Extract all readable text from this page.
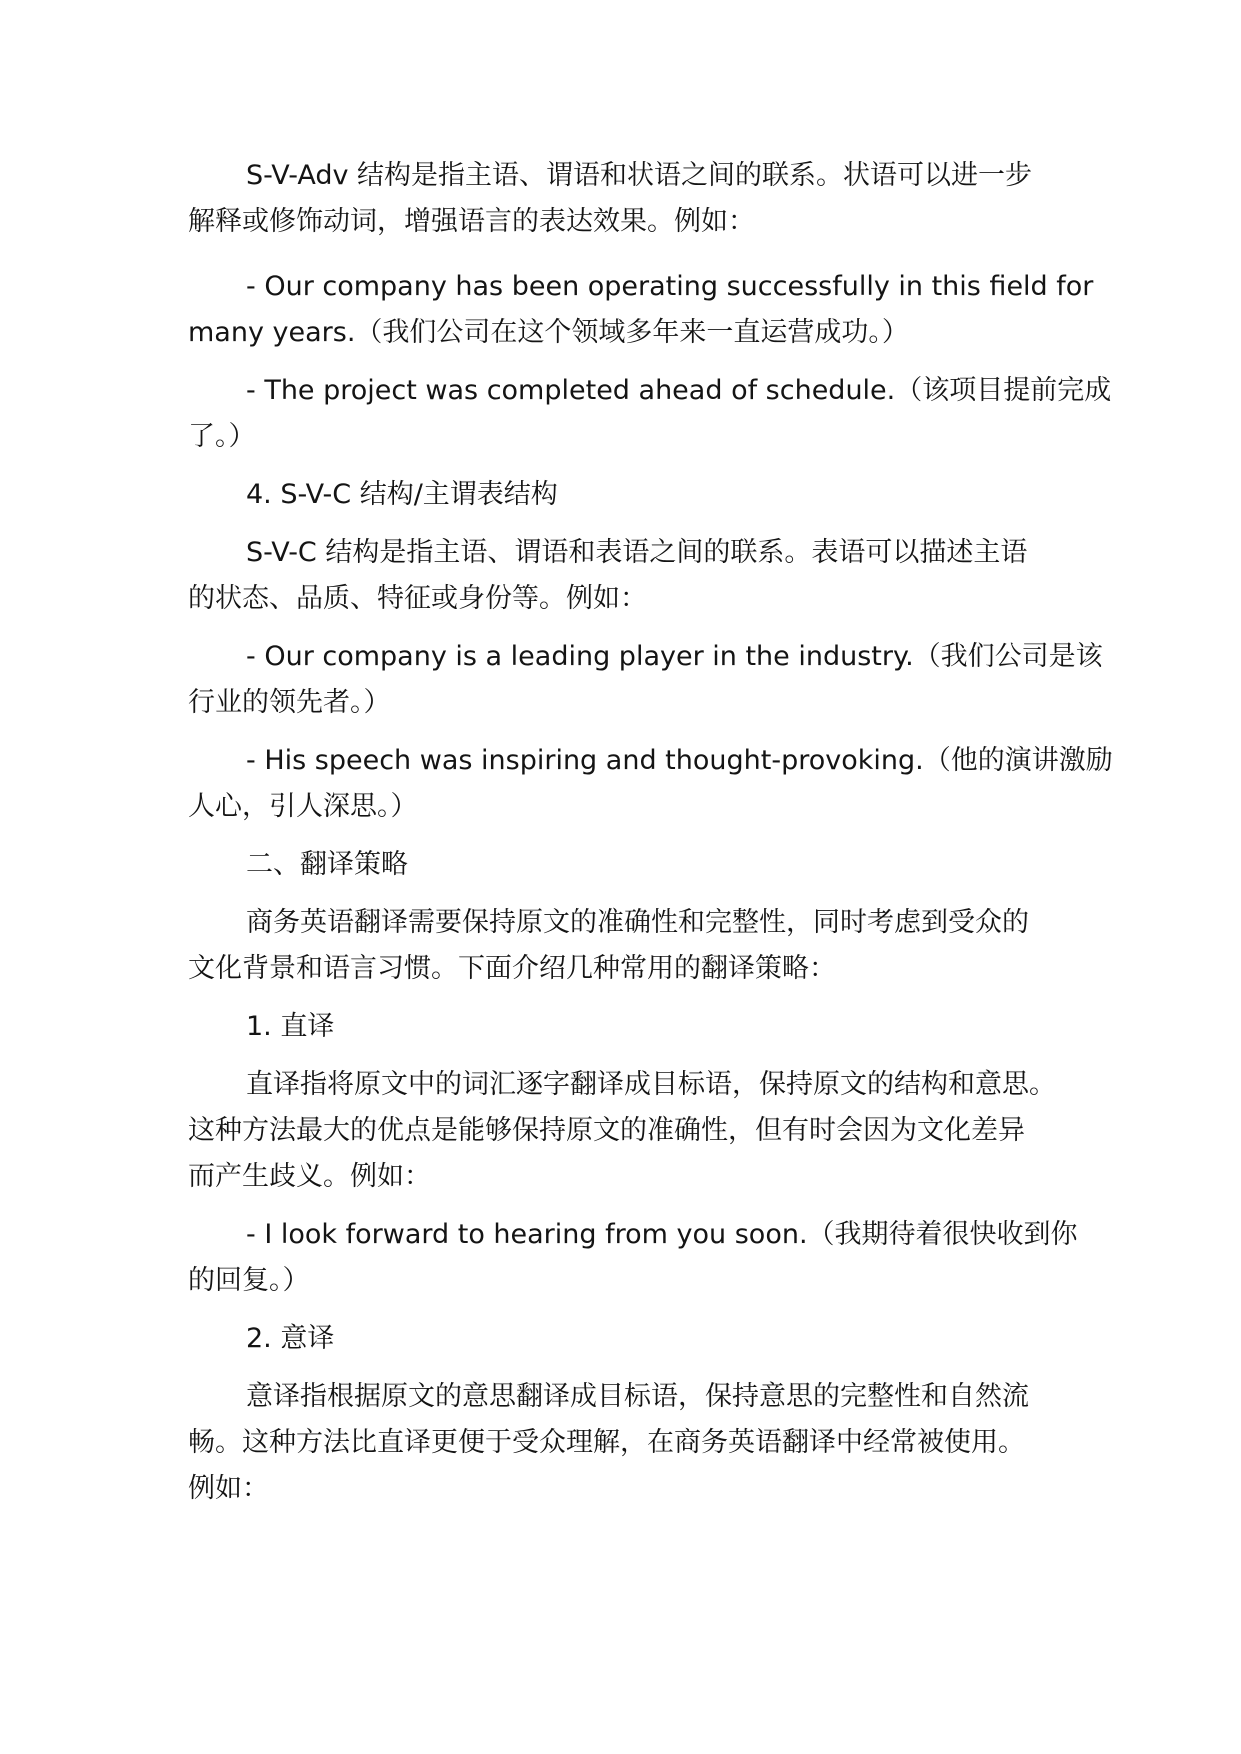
S-V-Adv 结构是指主语、谓语和状语之间的联系。状语可以进一步
解释或修饰动词，增强语言的表达效果。例如：

- Our company has been operating successfully in this field for
many years.（我们公司在这个领域多年来一直运营成功。）

- The project was completed ahead of schedule.（该项目提前完成
了。）

4. S-V-C 结构/主谓表结构

S-V-C 结构是指主语、谓语和表语之间的联系。表语可以描述主语
的状态、品质、特征或身份等。例如：

- Our company is a leading player in the industry.（我们公司是该
行业的领先者。）

- His speech was inspiring and thought-provoking.（他的演讲激励
人心，引人深思。）

二、翻译策略

商务英语翻译需要保持原文的准确性和完整性，同时考虑到受众的
文化背景和语言习惯。下面介绍几种常用的翻译策略：

1. 直译

直译指将原文中的词汇逐字翻译成目标语，保持原文的结构和意思。
这种方法最大的优点是能够保持原文的准确性，但有时会因为文化差异
而产生歧义。例如：

- I look forward to hearing from you soon.（我期待着很快收到你
的回复。）

2. 意译

意译指根据原文的意思翻译成目标语，保持意思的完整性和自然流
畅。这种方法比直译更便于受众理解，在商务英语翻译中经常被使用。
例如：
